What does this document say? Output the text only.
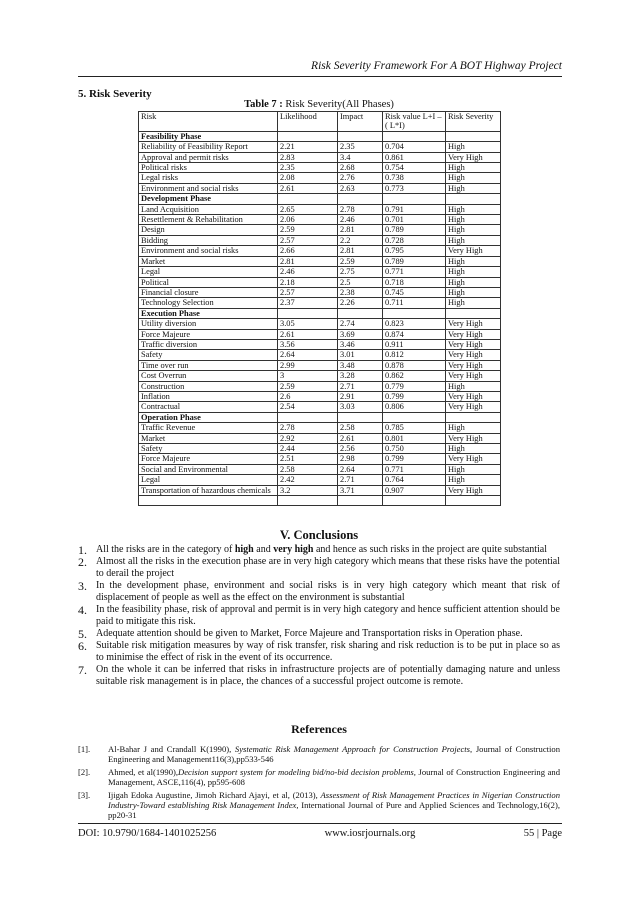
Risk Severity Framework For A BOT Highway Project
5. Risk Severity
Table 7 : Risk Severity(All Phases)
Risk	Likelihood	Impact	Risk value L+I –( L*I)	Risk Severity
Feasibility Phase				
Reliability of Feasibility Report	2.21	2.35	0.704	High
Approval and permit risks	2.83	3.4	0.861	Very High
Political risks	2.35	2.68	0.754	High
Legal risks	2.08	2.76	0.738	High
Environment and social risks	2.61	2.63	0.773	High
Development Phase				
Land Acquisition	2.65	2.78	0.791	High
Resettlement & Rehabilitation	2.06	2.46	0.701	High
Design	2.59	2.81	0.789	High
Bidding	2.57	2.2	0.728	High
Environment and social risks	2.66	2.81	0.795	Very High
Market	2.81	2.59	0.789	High
Legal	2.46	2.75	0.771	High
Political	2.18	2.5	0.718	High
Financial closure	2.57	2.38	0.745	High
Technology Selection	2.37	2.26	0.711	High
Execution Phase				
Utility diversion	3.05	2.74	0.823	Very High
Force Majeure	2.61	3.69	0.874	Very High
Traffic diversion	3.56	3.46	0.911	Very High
Safety	2.64	3.01	0.812	Very High
Time over run	2.99	3.48	0.878	Very High
Cost Overrun	3	3.28	0.862	Very High
Construction	2.59	2.71	0.779	High
Inflation	2.6	2.91	0.799	Very High
Contractual	2.54	3.03	0.806	Very High
Operation Phase				
Traffic Revenue	2.78	2.58	0.785	High
Market	2.92	2.61	0.801	Very High
Safety	2.44	2.56	0.750	High
Force Majeure	2.51	2.98	0.799	Very High
Social and Environmental	2.58	2.64	0.771	High
Legal	2.42	2.71	0.764	High
Transportation of hazardous chemicals	3.2	3.71	0.907	Very High

V. Conclusions
1. All the risks are in the category of high and very high and hence as such risks in the project are quite substantial
2. Almost all the risks in the execution phase are in very high category which means that these risks have the potential to derail the project
3. In the development phase, environment and social risks is in very high category which meant that risk of displacement of people as well as the effect on the environment is substantial
4. In the feasibility phase, risk of approval and permit is in very high category and hence sufficient attention should be paid to mitigate this risk.
5. Adequate attention should be given to Market, Force Majeure and Transportation risks in Operation phase.
6. Suitable risk mitigation measures by way of risk transfer, risk sharing and risk reduction is to be put in place so as to minimise the effect of risk in the event of its occurrence.
7. On the whole it can be inferred that risks in infrastructure projects are of potentially damaging nature and unless suitable risk management is in place, the chances of a successful project outcome is remote.
References
[1]. Al-Bahar J and Crandall K(1990), Systematic Risk Management Approach for Construction Projects, Journal of Construction Engineering and Management116(3),pp533-546
[2]. Ahmed, et al(1990),Decision support system for modeling bid/no-bid decision problems, Journal of Construction Engineering and Management, ASCE,116(4), pp595-608
[3]. Ijigah Edoka Augustine, Jimoh Richard Ajayi, et al, (2013), Assessment of Risk Management Practices in Nigerian Construction Industry-Toward establishing Risk Management Index, International Journal of Pure and Applied Sciences and Technology,16(2), pp20-31
DOI: 10.9790/1684-1401025256	www.iosrjournals.org	55 | Page
